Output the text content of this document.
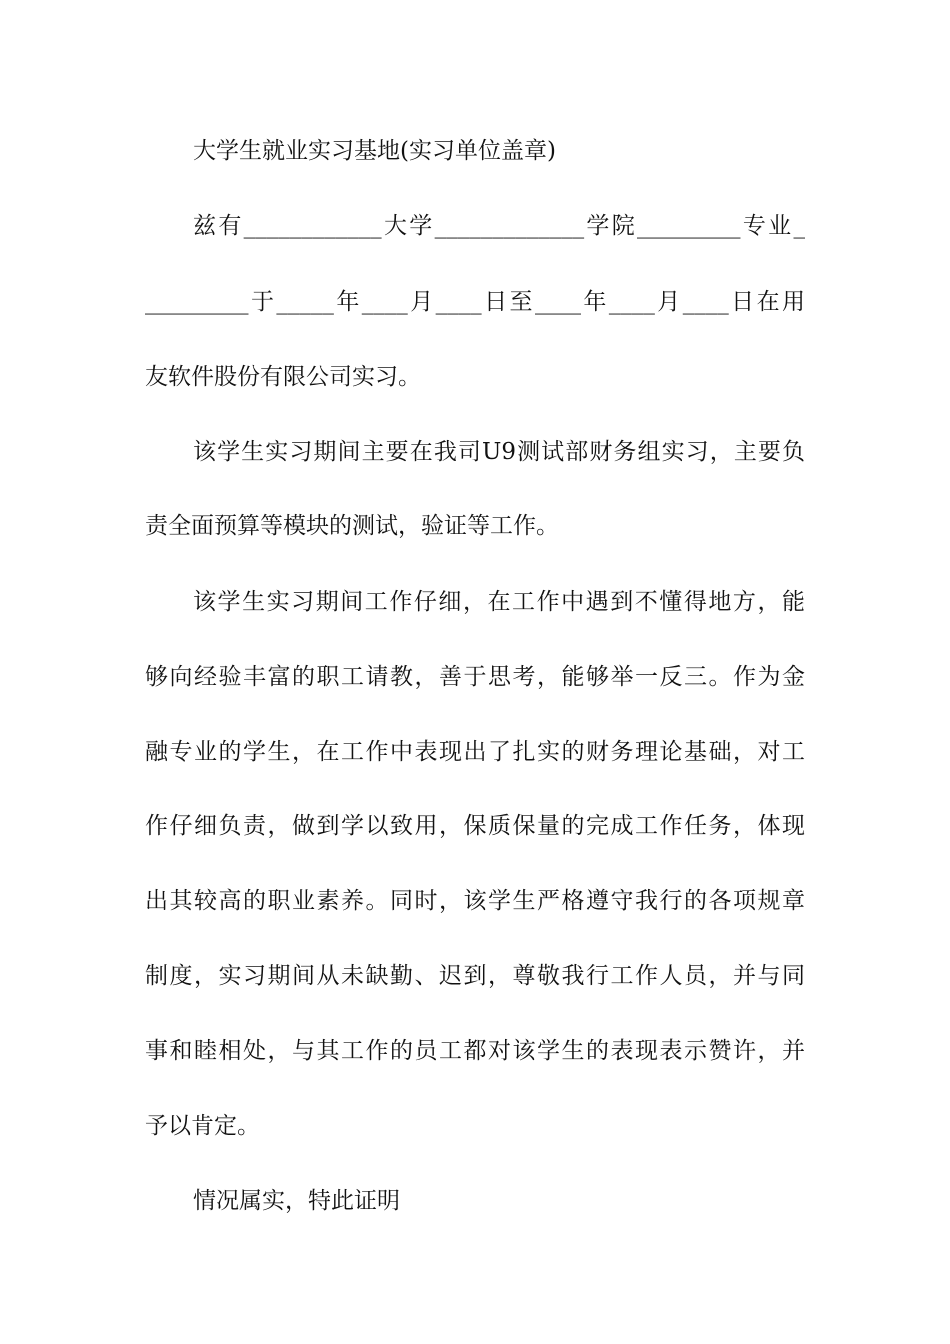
大学生就业实习基地(实习单位盖章)
兹有____________大学_____________学院_________专业_
_________于_____年____月____日至____年____月____日在用
友软件股份有限公司实习。
该学生实习期间主要在我司U9测试部财务组实习，主要负
责全面预算等模块的测试，验证等工作。
该学生实习期间工作仔细，在工作中遇到不懂得地方，能
够向经验丰富的职工请教，善于思考，能够举一反三。作为金
融专业的学生，在工作中表现出了扎实的财务理论基础，对工
作仔细负责，做到学以致用，保质保量的完成工作任务，体现
出其较高的职业素养。同时，该学生严格遵守我行的各项规章
制度，实习期间从未缺勤、迟到，尊敬我行工作人员，并与同
事和睦相处，与其工作的员工都对该学生的表现表示赞许，并
予以肯定。
情况属实，特此证明
